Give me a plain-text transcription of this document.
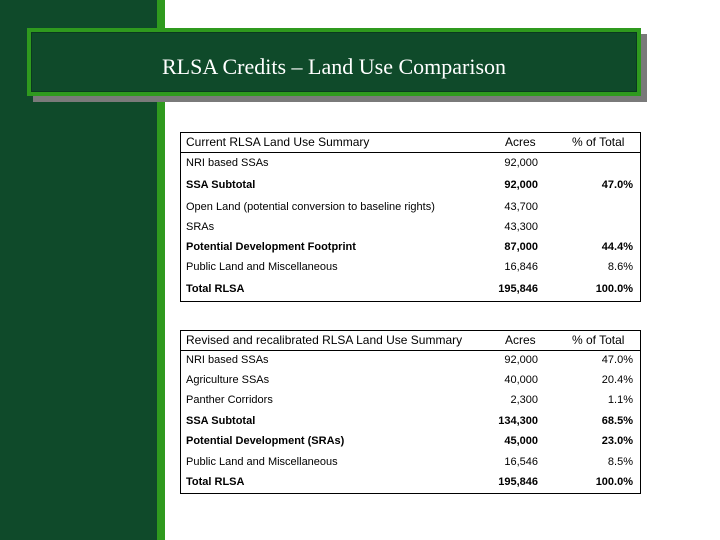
RLSA Credits – Land Use Comparison
Current RLSA Land Use Summary	Acres	% of Total
NRI based SSAs	92,000
SSA Subtotal	92,000	47.0%
Open Land (potential conversion to baseline rights)	43,700
SRAs	43,300
Potential Development Footprint	87,000	44.4%
Public Land and Miscellaneous	16,846	8.6%
Total RLSA	195,846	100.0%
Revised and recalibrated RLSA Land Use Summary	Acres	% of Total
NRI based SSAs	92,000	47.0%
Agriculture SSAs	40,000	20.4%
Panther Corridors	2,300	1.1%
SSA Subtotal	134,300	68.5%
Potential Development (SRAs)	45,000	23.0%
Public Land and Miscellaneous	16,546	8.5%
Total RLSA	195,846	100.0%
